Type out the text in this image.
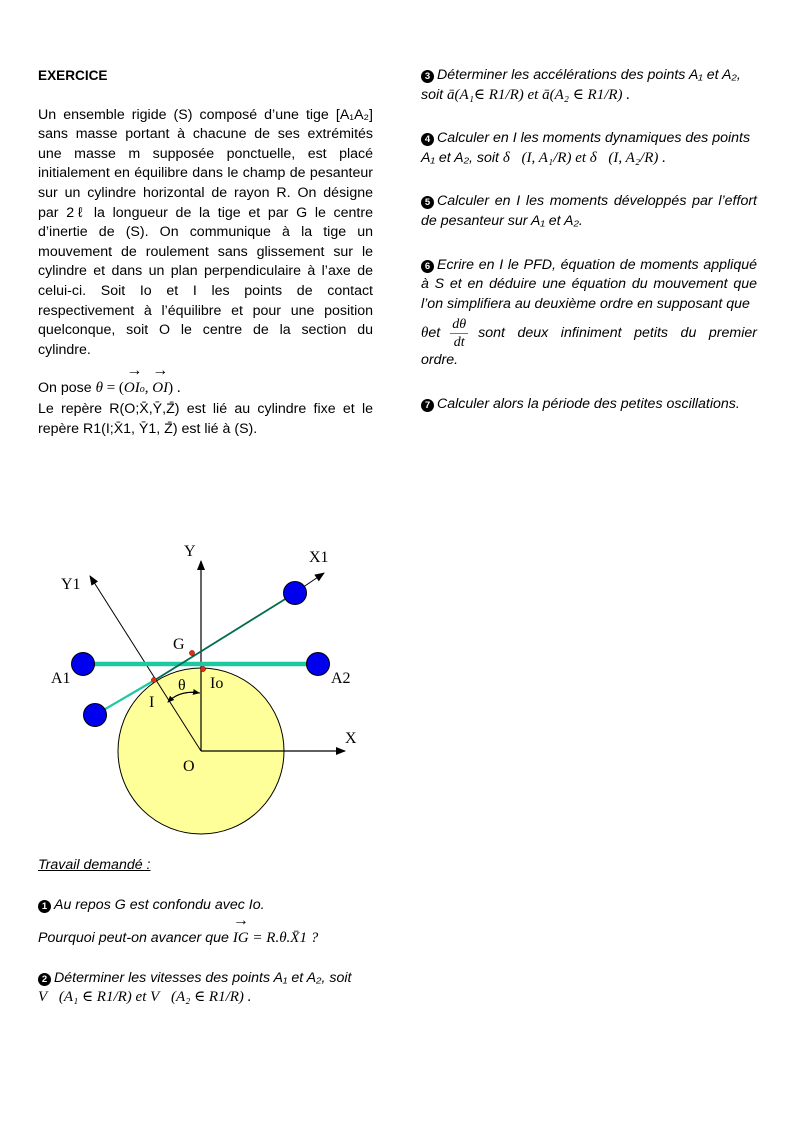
EXERCICE

Un ensemble rigide (S) composé d’une tige [A₁A₂] sans masse portant à chacune de ses extrémités une masse m supposée ponctuelle, est placé initialement en équilibre dans le champ de pesanteur sur un cylindre horizontal de rayon R. On désigne par 2ℓ la longueur de la tige et par G le centre d’inertie de (S). On communique à la tige un mouvement de roulement sans glissement sur le cylindre et dans un plan perpendiculaire à l’axe de celui-ci. Soit Io et I les points de contact respectivement à l’équilibre et pour une position quelconque, soit O le centre de la section du cylindre.

On pose θ = (
→
OIo,
→
OI) .

Le repère R(O;X̄,Ȳ,Z̄) est lié au cylindre fixe et le repère R1(I;X̄1, Ȳ1, Z̄) est lié à (S).

Y	X1
Y1
G
A1	A2
θ Io
I
X
O
Travail demandé :
1 Au repos G est confondu avec Io.
Pourquoi peut-on avancer que
→
IG = R.θ.X̄1 ?
2 Déterminer les vitesses des points A₁ et A₂, soit
V⃗(A₁ ∈ R1/R) et V⃗(A₂ ∈ R1/R) .
3 Déterminer les accélérations des points A₁ et A₂,
soit ā(A₁∈ R1/R) et ā(A₂ ∈ R1/R) .
4 Calculer en I les moments dynamiques des points
A₁ et A₂, soit δ⃗(I, A₁/R) et δ⃗(I, A₂/R) .
5 Calculer en I les moments développés par l’effort de pesanteur sur A₁ et A₂.
6 Ecrire en I le PFD, équation de moments appliqué à S et en déduire une équation du mouvement que l’on simplifiera au deuxième ordre en supposant que
θ et $\frac{d\theta}{dt}$ sont deux infiniment petits du premier
ordre.
7 Calculer alors la période des petites oscillations.
